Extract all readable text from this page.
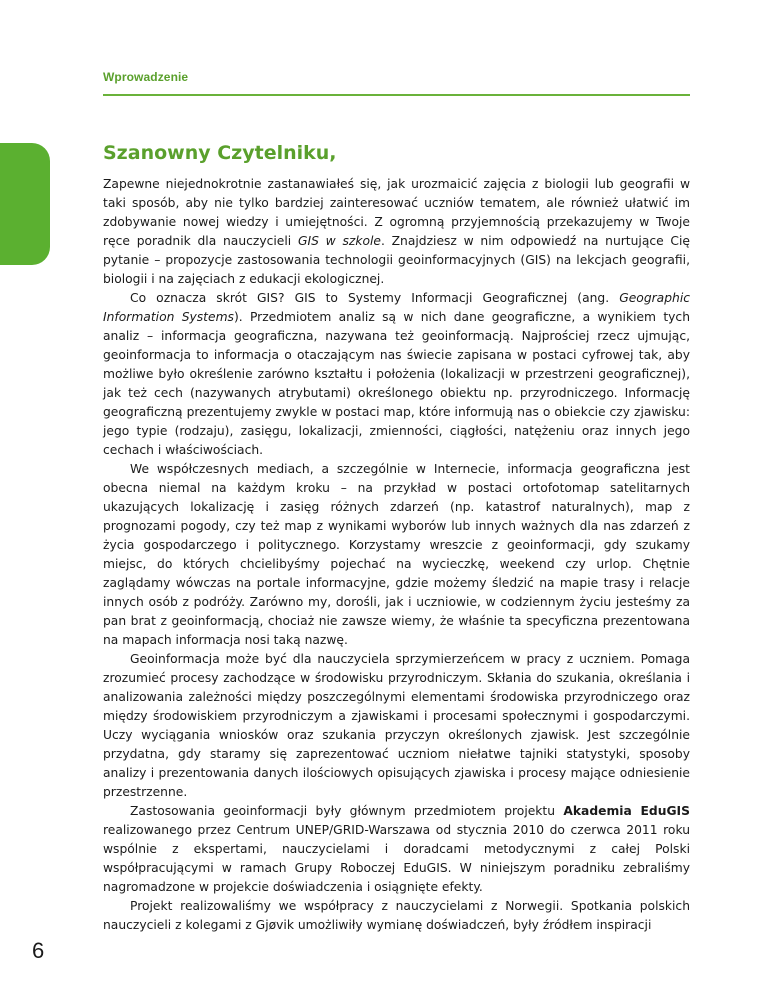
Wprowadzenie
Szanowny Czytelniku,

Zapewne niejednokrotnie zastanawiałeś się, jak urozmaicić zajęcia z biologii lub geografii w taki sposób, aby nie tylko bardziej zainteresować uczniów tematem, ale również ułatwić im zdobywanie nowej wiedzy i umiejętności. Z ogromną przyjemnością przekazujemy w Twoje ręce poradnik dla nauczycieli GIS w szkole. Znajdziesz w nim odpowiedź na nurtujące Cię pytanie – propozycje zastosowania technologii geoinformacyjnych (GIS) na lekcjach geografii, biologii i na zajęciach z edukacji ekologicznej.

Co oznacza skrót GIS? GIS to Systemy Informacji Geograficznej (ang. Geographic Information Systems). Przedmiotem analiz są w nich dane geograficzne, a wynikiem tych analiz – informacja geograficzna, nazywana też geoinformacją. Najprościej rzecz ujmując, geoinformacja to informacja o otaczającym nas świecie zapisana w postaci cyfrowej tak, aby możliwe było określenie zarówno kształtu i położenia (lokalizacji w przestrzeni geograficznej), jak też cech (nazywanych atrybutami) określonego obiektu np. przyrodniczego. Informację geograficzną prezentujemy zwykle w postaci map, które informują nas o obiekcie czy zjawisku: jego typie (rodzaju), zasięgu, lokalizacji, zmienności, ciągłości, natężeniu oraz innych jego cechach i właściwościach.

We współczesnych mediach, a szczególnie w Internecie, informacja geograficzna jest obecna niemal na każdym kroku – na przykład w postaci ortofotomap satelitarnych ukazujących lokalizację i zasięg różnych zdarzeń (np. katastrof naturalnych), map z prognozami pogody, czy też map z wynikami wyborów lub innych ważnych dla nas zdarzeń z życia gospodarczego i politycznego. Korzystamy wreszcie z geoinformacji, gdy szukamy miejsc, do których chcielibyśmy pojechać na wycieczkę, weekend czy urlop. Chętnie zaglądamy wówczas na portale informacyjne, gdzie możemy śledzić na mapie trasy i relacje innych osób z podróży. Zarówno my, dorośli, jak i uczniowie, w codziennym życiu jesteśmy za pan brat z geoinformacją, chociaż nie zawsze wiemy, że właśnie ta specyficzna prezentowana na mapach informacja nosi taką nazwę.

Geoinformacja może być dla nauczyciela sprzymierzeńcem w pracy z uczniem. Pomaga zrozumieć procesy zachodzące w środowisku przyrodniczym. Skłania do szukania, określania i analizowania zależności między poszczególnymi elementami środowiska przyrodniczego oraz między środowiskiem przyrodniczym a zjawiskami i procesami społecznymi i gospodarczymi. Uczy wyciągania wniosków oraz szukania przyczyn określonych zjawisk. Jest szczególnie przydatna, gdy staramy się zaprezentować uczniom niełatwe tajniki statystyki, sposoby analizy i prezentowania danych ilościowych opisujących zjawiska i procesy mające odniesienie przestrzenne.

Zastosowania geoinformacji były głównym przedmiotem projektu Akademia EduGIS realizowanego przez Centrum UNEP/GRID-Warszawa od stycznia 2010 do czerwca 2011 roku wspólnie z ekspertami, nauczycielami i doradcami metodycznymi z całej Polski współpracującymi w ramach Grupy Roboczej EduGIS. W niniejszym poradniku zebraliśmy nagromadzone w projekcie doświadczenia i osiągnięte efekty.

Projekt realizowaliśmy we współpracy z nauczycielami z Norwegii. Spotkania polskich nauczycieli z kolegami z Gjøvik umożliwiły wymianę doświadczeń, były źródłem inspiracji

6
